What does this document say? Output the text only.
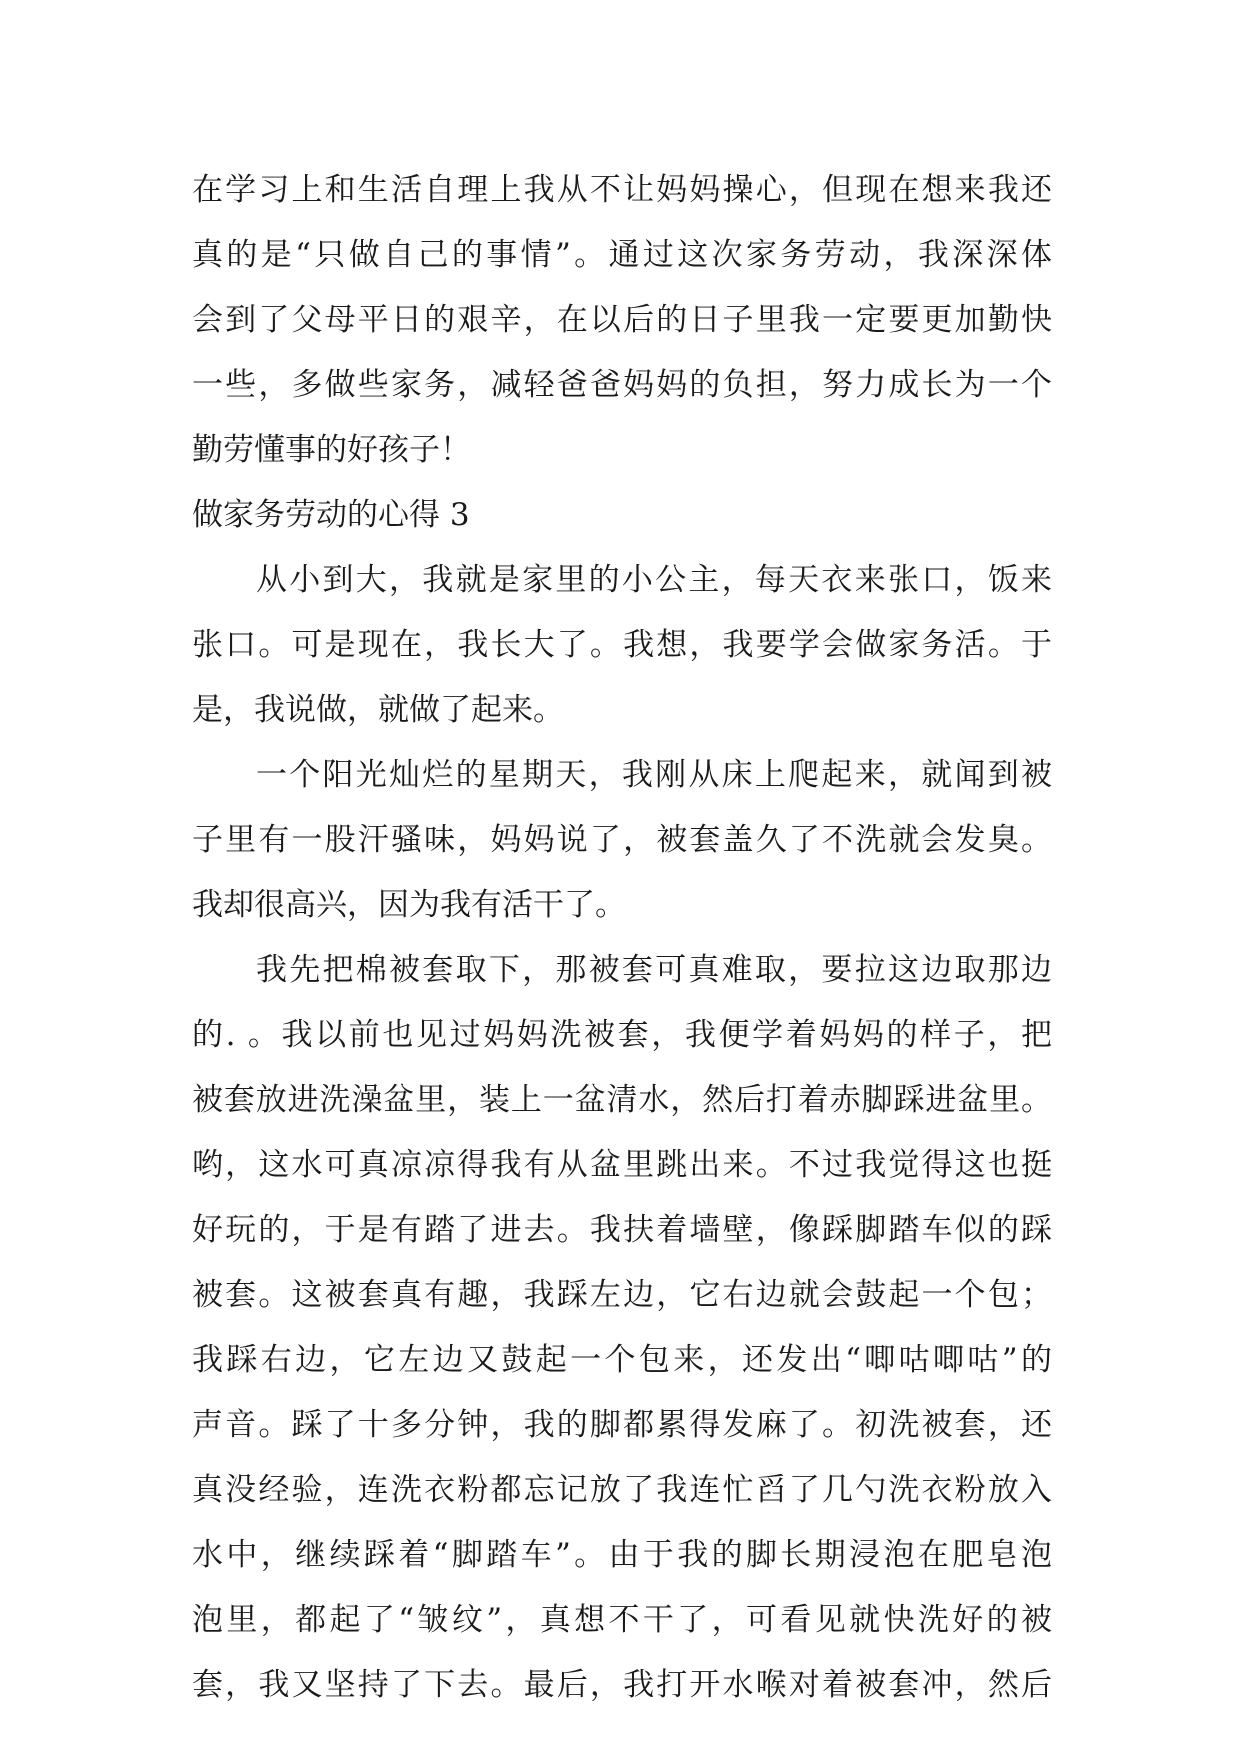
在学习上和生活自理上我从不让妈妈操心，但现在想来我还
真的是“只做自己的事情”。通过这次家务劳动，我深深体
会到了父母平日的艰辛，在以后的日子里我一定要更加勤快
一些，多做些家务，减轻爸爸妈妈的负担，努力成长为一个
勤劳懂事的好孩子！
做家务劳动的心得 3
从小到大，我就是家里的小公主，每天衣来张口，饭来
张口。可是现在，我长大了。我想，我要学会做家务活。于
是，我说做，就做了起来。
一个阳光灿烂的星期天，我刚从床上爬起来，就闻到被
子里有一股汗骚味，妈妈说了，被套盖久了不洗就会发臭。
我却很高兴，因为我有活干了。
我先把棉被套取下，那被套可真难取，要拉这边取那边
的. 。我以前也见过妈妈洗被套，我便学着妈妈的样子，把
被套放进洗澡盆里，装上一盆清水，然后打着赤脚踩进盆里。
哟，这水可真凉凉得我有从盆里跳出来。不过我觉得这也挺
好玩的，于是有踏了进去。我扶着墙壁，像踩脚踏车似的踩
被套。这被套真有趣，我踩左边，它右边就会鼓起一个包；
我踩右边，它左边又鼓起一个包来，还发出“唧咕唧咕”的
声音。踩了十多分钟，我的脚都累得发麻了。初洗被套，还
真没经验，连洗衣粉都忘记放了我连忙舀了几勺洗衣粉放入
水中，继续踩着“脚踏车”。由于我的脚长期浸泡在肥皂泡
泡里，都起了“皱纹”，真想不干了，可看见就快洗好的被
套，我又坚持了下去。最后，我打开水喉对着被套冲，然后
